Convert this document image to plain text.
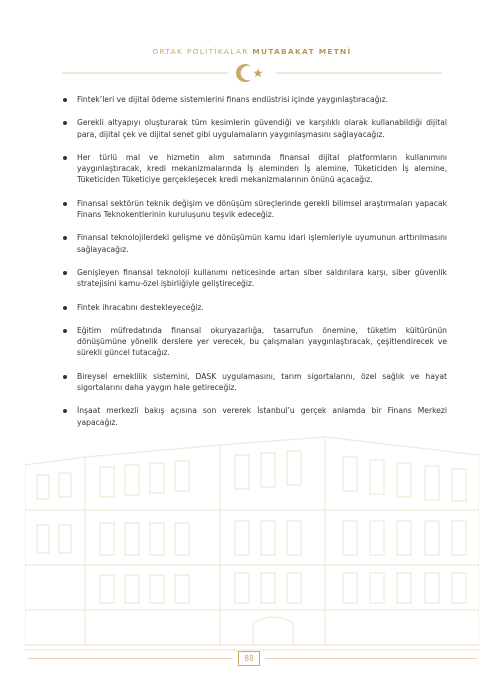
ORTAK POLİTİKALAR MUTABAKAT METNİ
Fintek’leri ve dijital ödeme sistemlerini finans endüstrisi içinde yaygınlaştıracağız.
Gerekli altyapıyı oluşturarak tüm kesimlerin güvendiği ve karşılıklı olarak kullanabildiği dijital para, dijital çek ve dijital senet gibi uygulamaların yaygınlaşmasını sağlayacağız.
Her türlü mal ve hizmetin alım satımında finansal dijital platformların kullanımını yaygınlaştıracak, kredi mekanizmalarında İş aleminden İş alemine, Tüketiciden İş alemine, Tüketiciden Tüketiciye gerçekleşecek kredi mekanizmalarının önünü açacağız.
Finansal sektörün teknik değişim ve dönüşüm süreçlerinde gerekli bilimsel araştırmaları yapacak Finans Teknokentlerinin kuruluşunu teşvik edeceğiz.
Finansal teknolojilerdeki gelişme ve dönüşümün kamu idari işlemleriyle uyumunun arttırılmasını sağlayacağız.
Genişleyen finansal teknoloji kullanımı neticesinde artan siber saldırılara karşı, siber güvenlik stratejisini kamu-özel işbirliğiyle geliştireceğiz.
Fintek ihracatını destekleyeceğiz.
Eğitim müfredatında finansal okuryazarlığa, tasarrufun önemine, tüketim kültürünün dönüşümüne yönelik derslere yer verecek, bu çalışmaları yaygınlaştıracak, çeşitlendirecek ve sürekli güncel tutacağız.
Bireysel emeklilik sistemini, DASK uygulamasını, tarım sigortalarını, özel sağlık ve hayat sigortalarını daha yaygın hale getireceğiz.
İnşaat merkezli bakış açısına son vererek İstanbul’u gerçek anlamda bir Finans Merkezi yapacağız.
88
